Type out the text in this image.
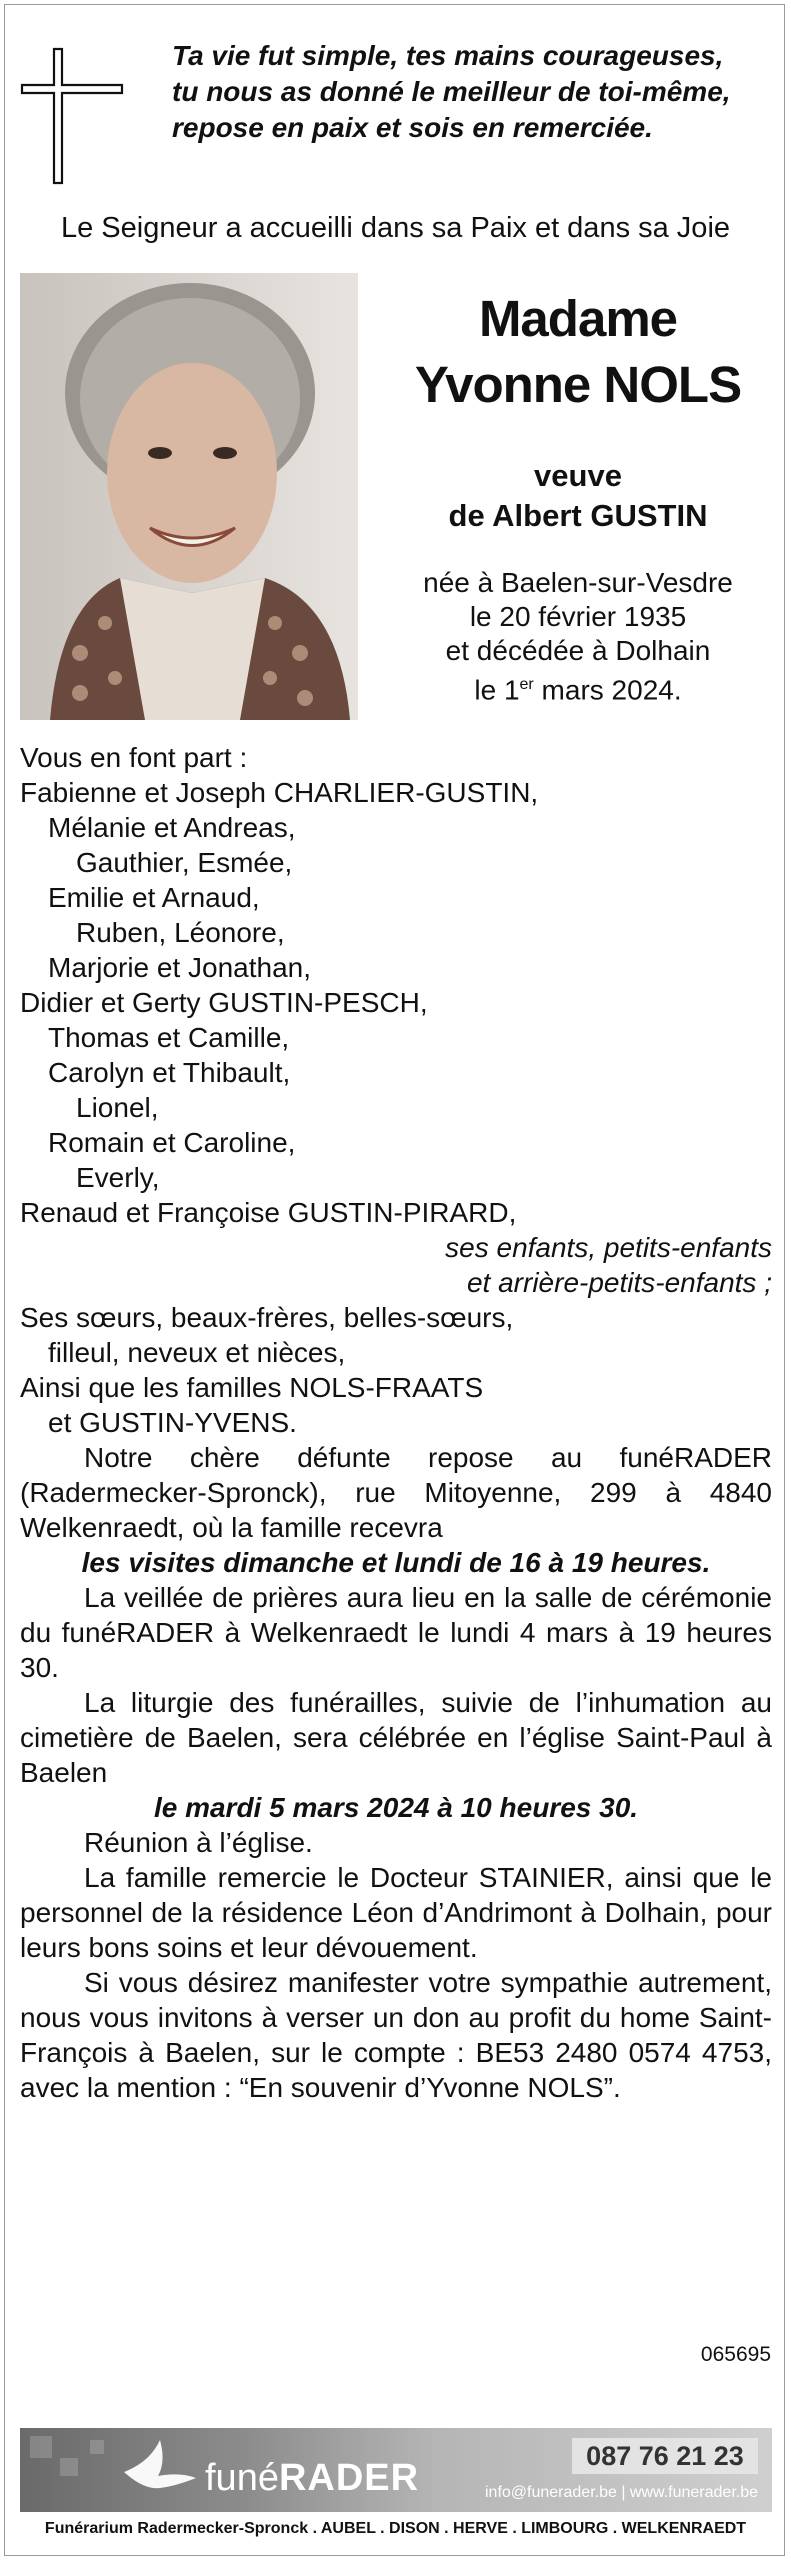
Ta vie fut simple, tes mains courageuses,
tu nous as donné le meilleur de toi-même,
repose en paix et sois en remerciée.
Le Seigneur a accueilli dans sa Paix et dans sa Joie
Madame
Yvonne NOLS
veuve
de Albert GUSTIN
née à Baelen-sur-Vesdre
le 20 février 1935
et décédée à Dolhain
le 1er mars 2024.
Vous en font part :
Fabienne et Joseph CHARLIER-GUSTIN,
Mélanie et Andreas,
Gauthier, Esmée,
Emilie et Arnaud,
Ruben, Léonore,
Marjorie et Jonathan,
Didier et Gerty GUSTIN-PESCH,
Thomas et Camille,
Carolyn et Thibault,
Lionel,
Romain et Caroline,
Everly,
Renaud et Françoise GUSTIN-PIRARD,
ses enfants, petits-enfants
et arrière-petits-enfants ;
Ses sœurs, beaux-frères, belles-sœurs,
filleul, neveux et nièces,
Ainsi que les familles NOLS-FRAATS
et GUSTIN-YVENS.
Notre chère défunte repose au funéRADER (Radermecker-Spronck), rue Mitoyenne, 299 à 4840 Welkenraedt, où la famille recevra
les visites dimanche et lundi de 16 à 19 heures.
La veillée de prières aura lieu en la salle de cérémonie du funéRADER à Welkenraedt le lundi 4 mars à 19 heures 30.
La liturgie des funérailles, suivie de l’inhumation au cimetière de Baelen, sera célébrée en l’église Saint-Paul à Baelen
le mardi 5 mars 2024 à 10 heures 30.
Réunion à l’église.
La famille remercie le Docteur STAINIER, ainsi que le personnel de la résidence Léon d’Andrimont à Dolhain, pour leurs bons soins et leur dévouement.
Si vous désirez manifester votre sympathie autrement, nous vous invitons à verser un don au profit du home Saint-François à Baelen, sur le compte : BE53 2480 0574 4753, avec la mention : “En souvenir d’Yvonne NOLS”.
065695
funéRADER
087 76 21 23
info@funerader.be | www.funerader.be
Funérarium Radermecker-Spronck . AUBEL . DISON . HERVE . LIMBOURG . WELKENRAEDT
